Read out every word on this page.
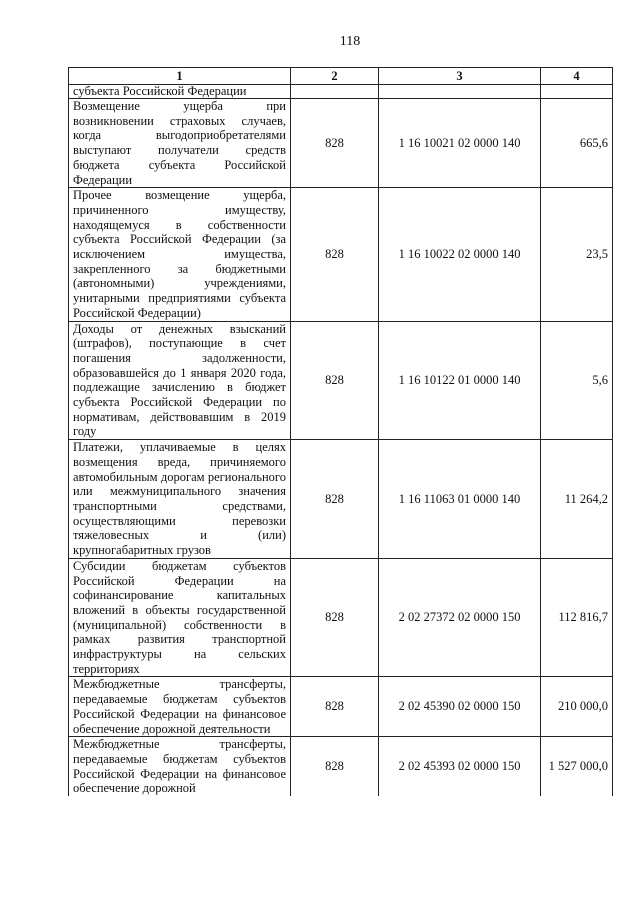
118
1	2	3	4
субъекта Российской Федерации			
Возмещение ущерба при возникновении страховых случаев, когда выгодоприобретателями выступают получатели средств бюджета субъекта Российской Федерации	828	1 16 10021 02 0000 140	665,6
Прочее возмещение ущерба, причиненного имуществу, находящемуся в собственности субъекта Российской Федерации (за исключением имущества, закрепленного за бюджетными (автономными) учреждениями, унитарными предприятиями субъекта Российской Федерации)	828	1 16 10022 02 0000 140	23,5
Доходы от денежных взысканий (штрафов), поступающие в счет погашения задолженности, образовавшейся до 1 января 2020 года, подлежащие зачислению в бюджет субъекта Российской Федерации по нормативам, действовавшим в 2019 году	828	1 16 10122 01 0000 140	5,6
Платежи, уплачиваемые в целях возмещения вреда, причиняемого автомобильным дорогам регионального или межмуниципального значения транспортными средствами, осуществляющими перевозки тяжеловесных и (или) крупногабаритных грузов	828	1 16 11063 01 0000 140	11 264,2
Субсидии бюджетам субъектов Российской Федерации на софинансирование капитальных вложений в объекты государственной (муниципальной) собственности в рамках развития транспортной инфраструктуры на сельских территориях	828	2 02 27372 02 0000 150	112 816,7
Межбюджетные трансферты, передаваемые бюджетам субъектов Российской Федерации на финансовое обеспечение дорожной деятельности	828	2 02 45390 02 0000 150	210 000,0
Межбюджетные трансферты, передаваемые бюджетам субъектов Российской Федерации на финансовое обеспечение дорожной	828	2 02 45393 02 0000 150	1 527 000,0
